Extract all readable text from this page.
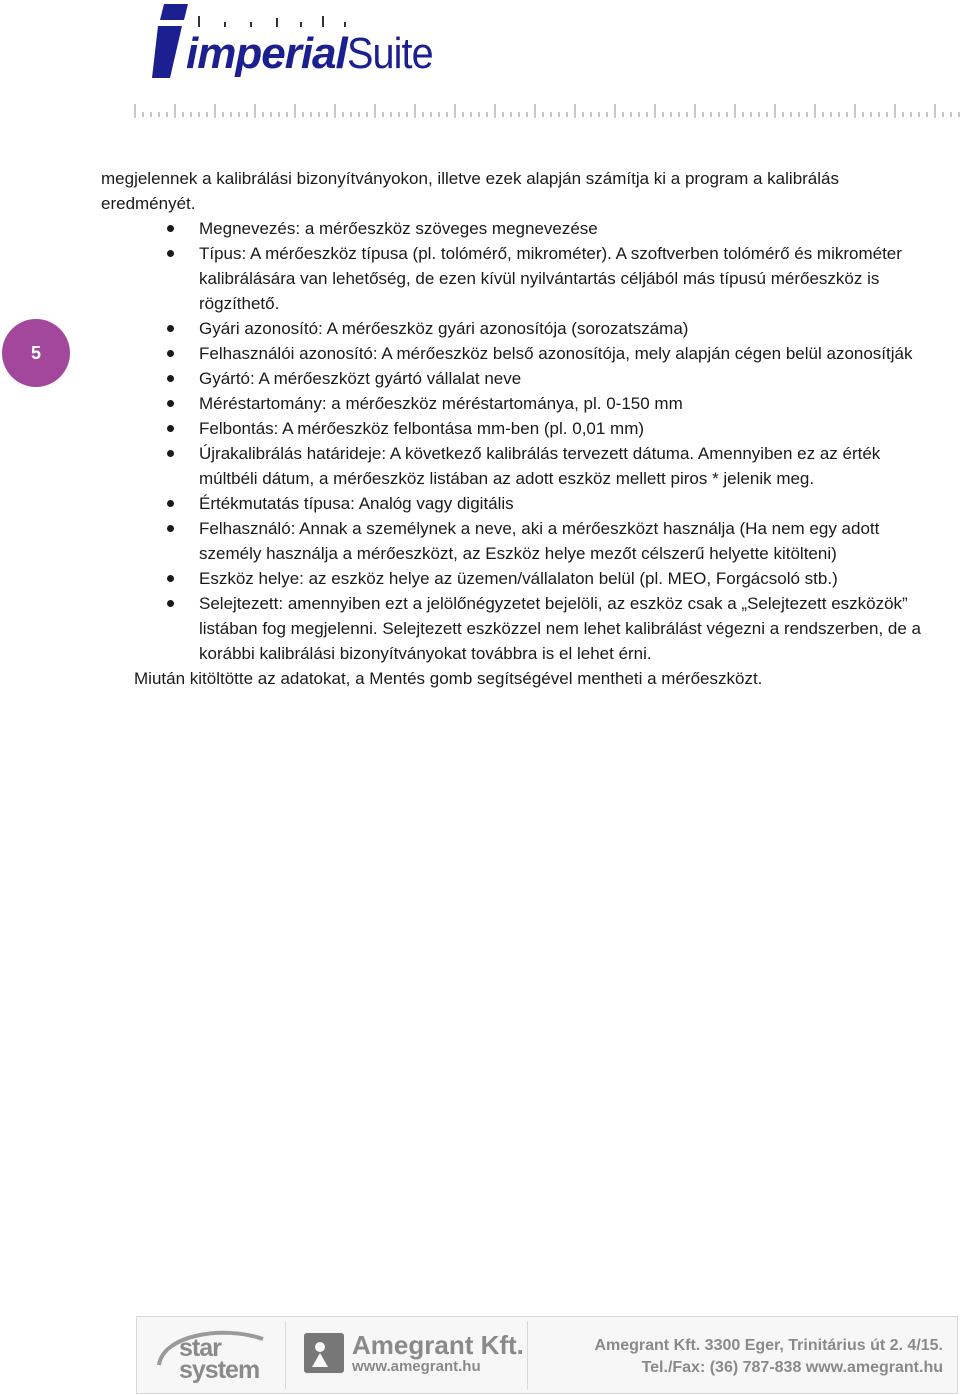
imperialSuite
5

megjelennek a kalibrálási bizonyítványokon, illetve ezek alapján számítja ki a program a kalibrálás eredményét.

Megnevezés: a mérőeszköz szöveges megnevezése
Típus: A mérőeszköz típusa (pl. tolómérő, mikrométer). A szoftverben tolómérő és mikrométer kalibrálására van lehetőség, de ezen kívül nyilvántartás céljából más típusú mérőeszköz is rögzíthető.
Gyári azonosító: A mérőeszköz gyári azonosítója (sorozatszáma)
Felhasználói azonosító: A mérőeszköz belső azonosítója, mely alapján cégen belül azonosítják
Gyártó: A mérőeszközt gyártó vállalat neve
Méréstartomány: a mérőeszköz méréstartománya, pl. 0-150 mm
Felbontás: A mérőeszköz felbontása mm-ben (pl. 0,01 mm)
Újrakalibrálás határideje: A következő kalibrálás tervezett dátuma. Amennyiben ez az érték múltbéli dátum, a mérőeszköz listában az adott eszköz mellett piros * jelenik meg.
Értékmutatás típusa: Analóg vagy digitális
Felhasználó: Annak a személynek a neve, aki a mérőeszközt használja (Ha nem egy adott személy használja a mérőeszközt, az Eszköz helye mezőt célszerű helyette kitölteni)
Eszköz helye: az eszköz helye az üzemen/vállalaton belül (pl. MEO, Forgácsoló stb.)
Selejtezett: amennyiben ezt a jelölőnégyzetet bejelöli, az eszköz csak a „Selejtezett eszközök” listában fog megjelenni. Selejtezett eszközzel nem lehet kalibrálást végezni a rendszerben, de a korábbi kalibrálási bizonyítványokat továbbra is el lehet érni.

Miután kitöltötte az adatokat, a Mentés gomb segítségével mentheti a mérőeszközt.

star
system
Amegrant Kft.
www.amegrant.hu
Amegrant Kft. 3300 Eger, Trinitárius út 2. 4/15.
Tel./Fax: (36) 787-838 www.amegrant.hu
